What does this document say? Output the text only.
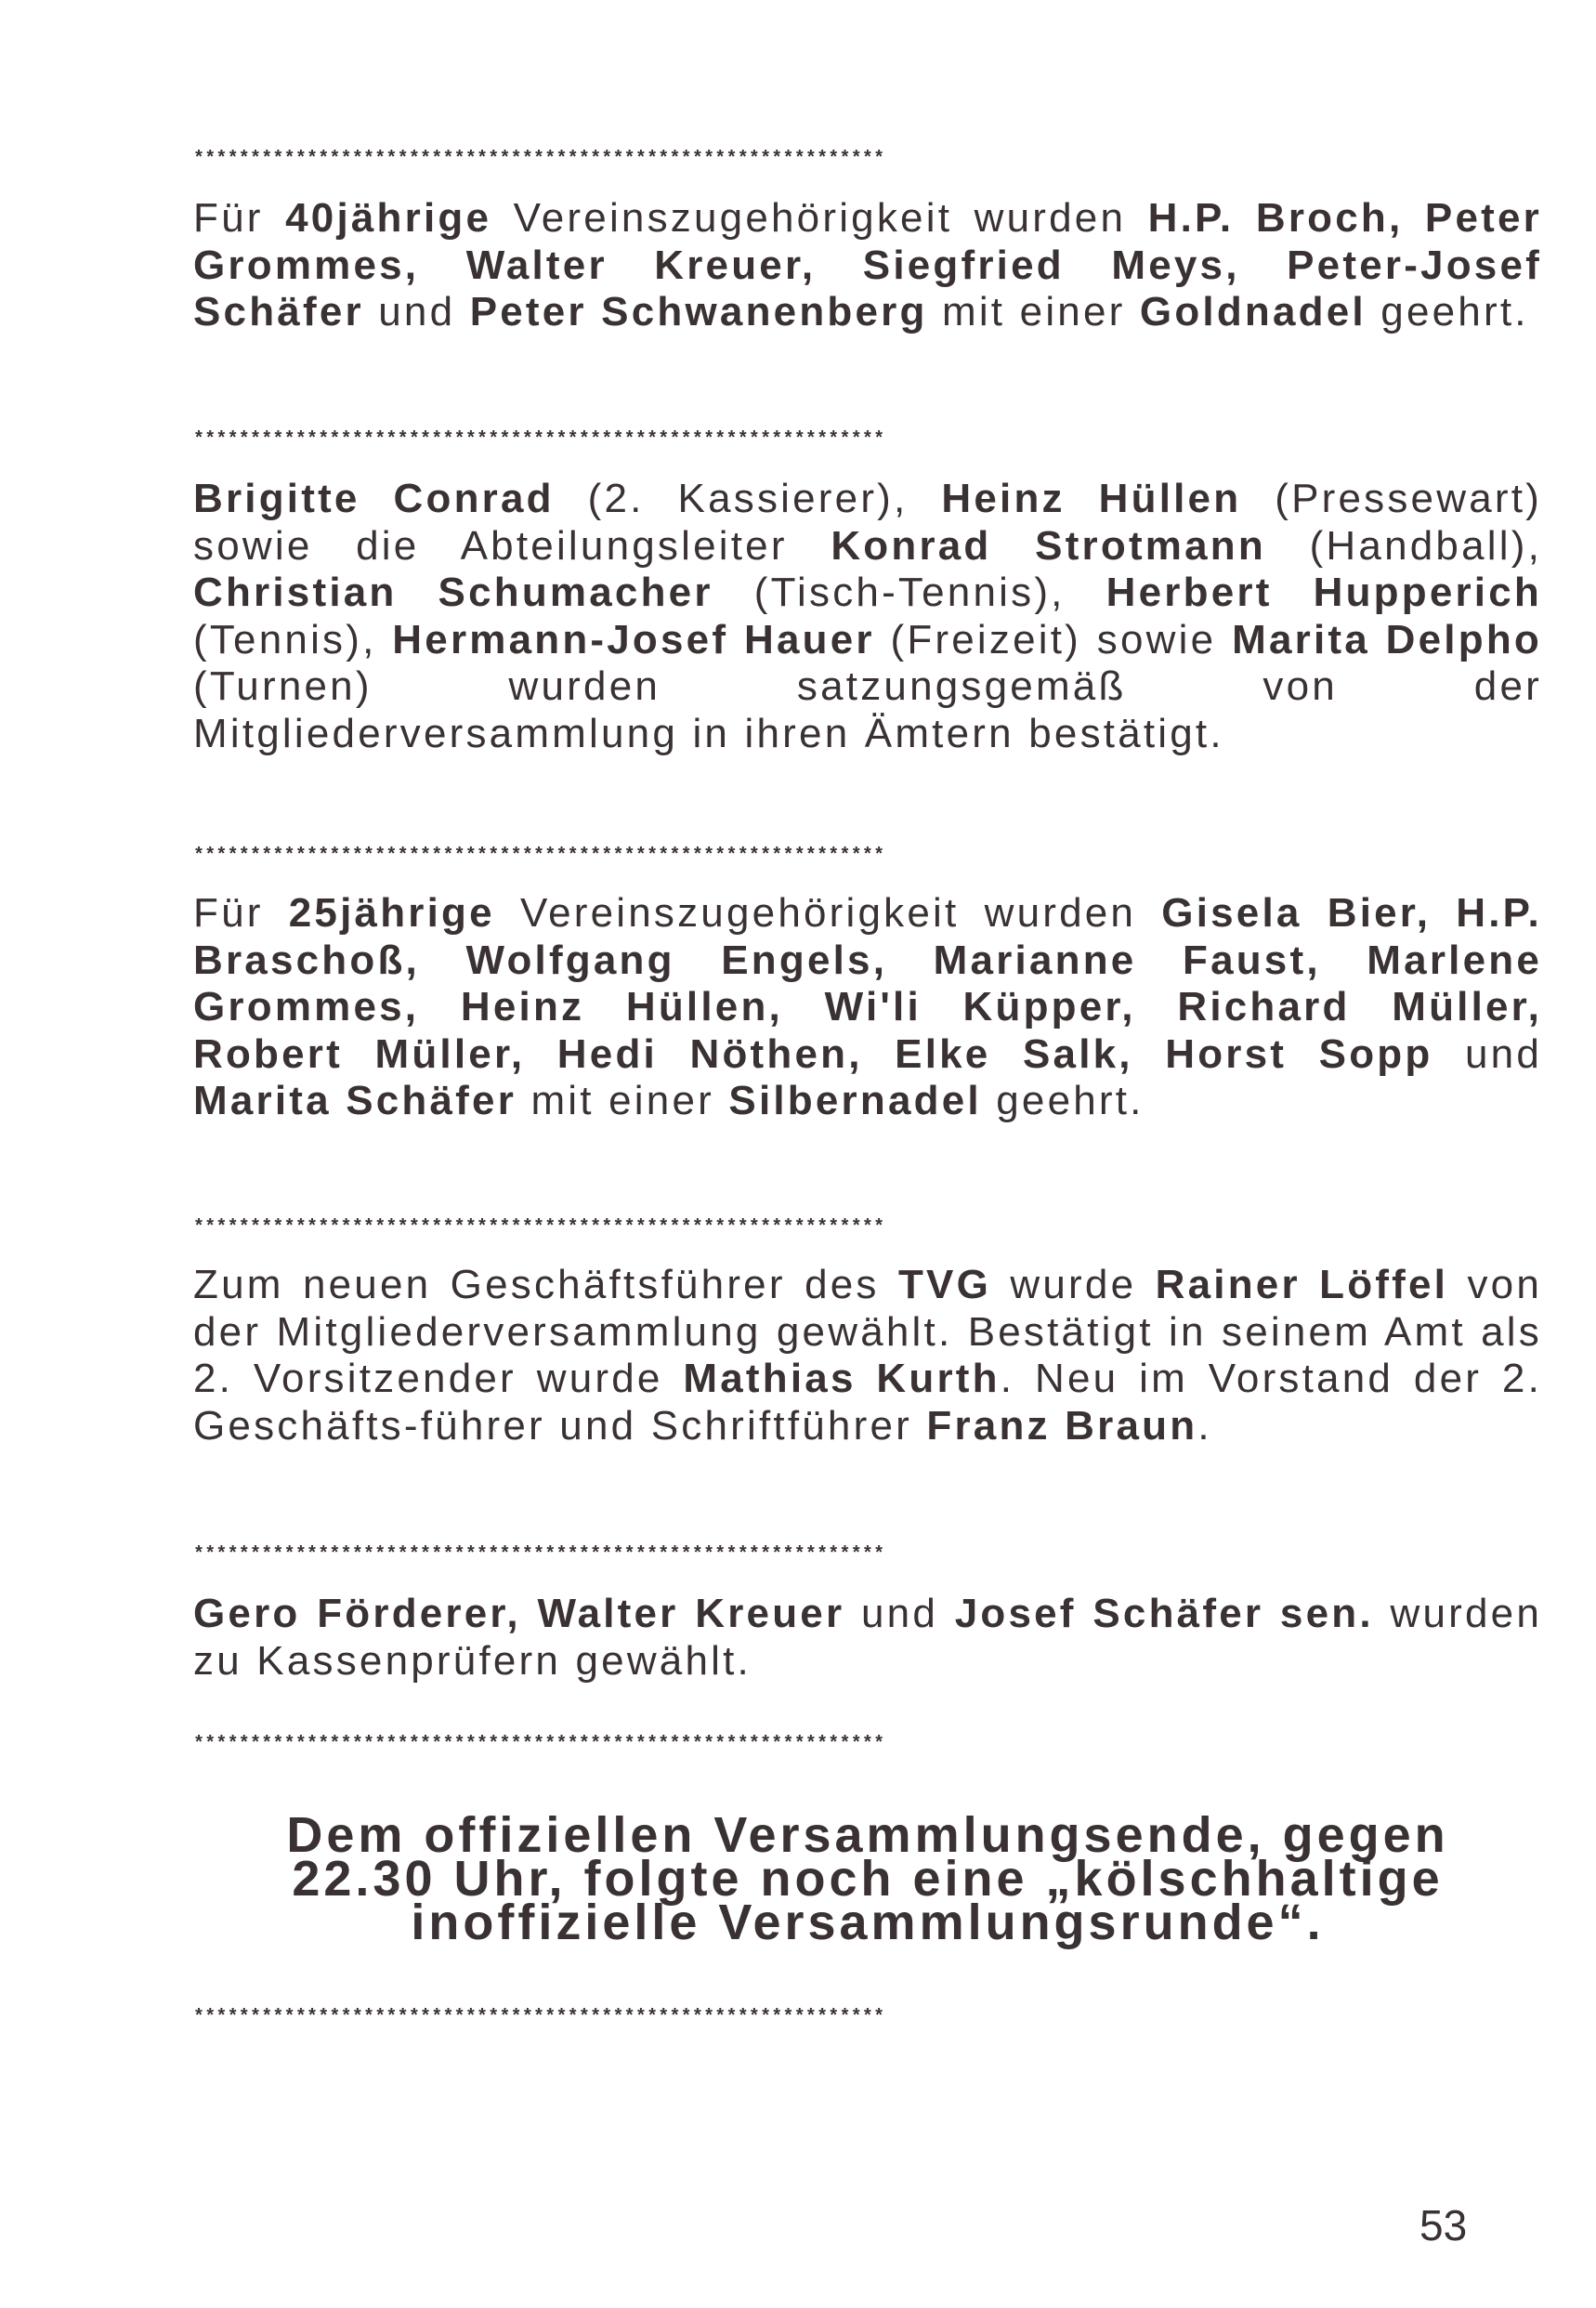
*************************************************************

Für 40jährige Vereinszugehörigkeit wurden H.P. Broch, Peter Grommes, Walter Kreuer, Siegfried Meys, Peter-Josef Schäfer und Peter Schwanenberg mit einer Goldnadel geehrt.

*************************************************************

Brigitte Conrad (2. Kassierer), Heinz Hüllen (Pressewart) sowie die Abteilungsleiter Konrad Strotmann (Handball), Christian Schumacher (Tisch-Tennis), Herbert Hupperich (Tennis), Hermann-Josef Hauer (Freizeit) sowie Marita Delpho (Turnen) wurden satzungsgemäß von der Mitgliederversammlung in ihren Ämtern bestätigt.

*************************************************************

Für 25jährige Vereinszugehörigkeit wurden Gisela Bier, H.P. Braschoß, Wolfgang Engels, Marianne Faust, Marlene Grommes, Heinz Hüllen, Wi'li Küpper, Richard Müller, Robert Müller, Hedi Nöthen, Elke Salk, Horst Sopp und Marita Schäfer mit einer Silbernadel geehrt.

*************************************************************

Zum neuen Geschäftsführer des TVG wurde Rainer Löffel von der Mitgliederversammlung gewählt. Bestätigt in seinem Amt als 2. Vorsitzender wurde Mathias Kurth. Neu im Vorstand der 2. Geschäfts-führer und Schriftführer Franz Braun.

*************************************************************

Gero Förderer, Walter Kreuer und Josef Schäfer sen. wurden zu Kassenprüfern gewählt.

*************************************************************
Dem offiziellen Versammlungsende, gegen
22.30 Uhr, folgte noch eine „kölschhaltige
inoffizielle Versammlungsrunde“.
*************************************************************
53
